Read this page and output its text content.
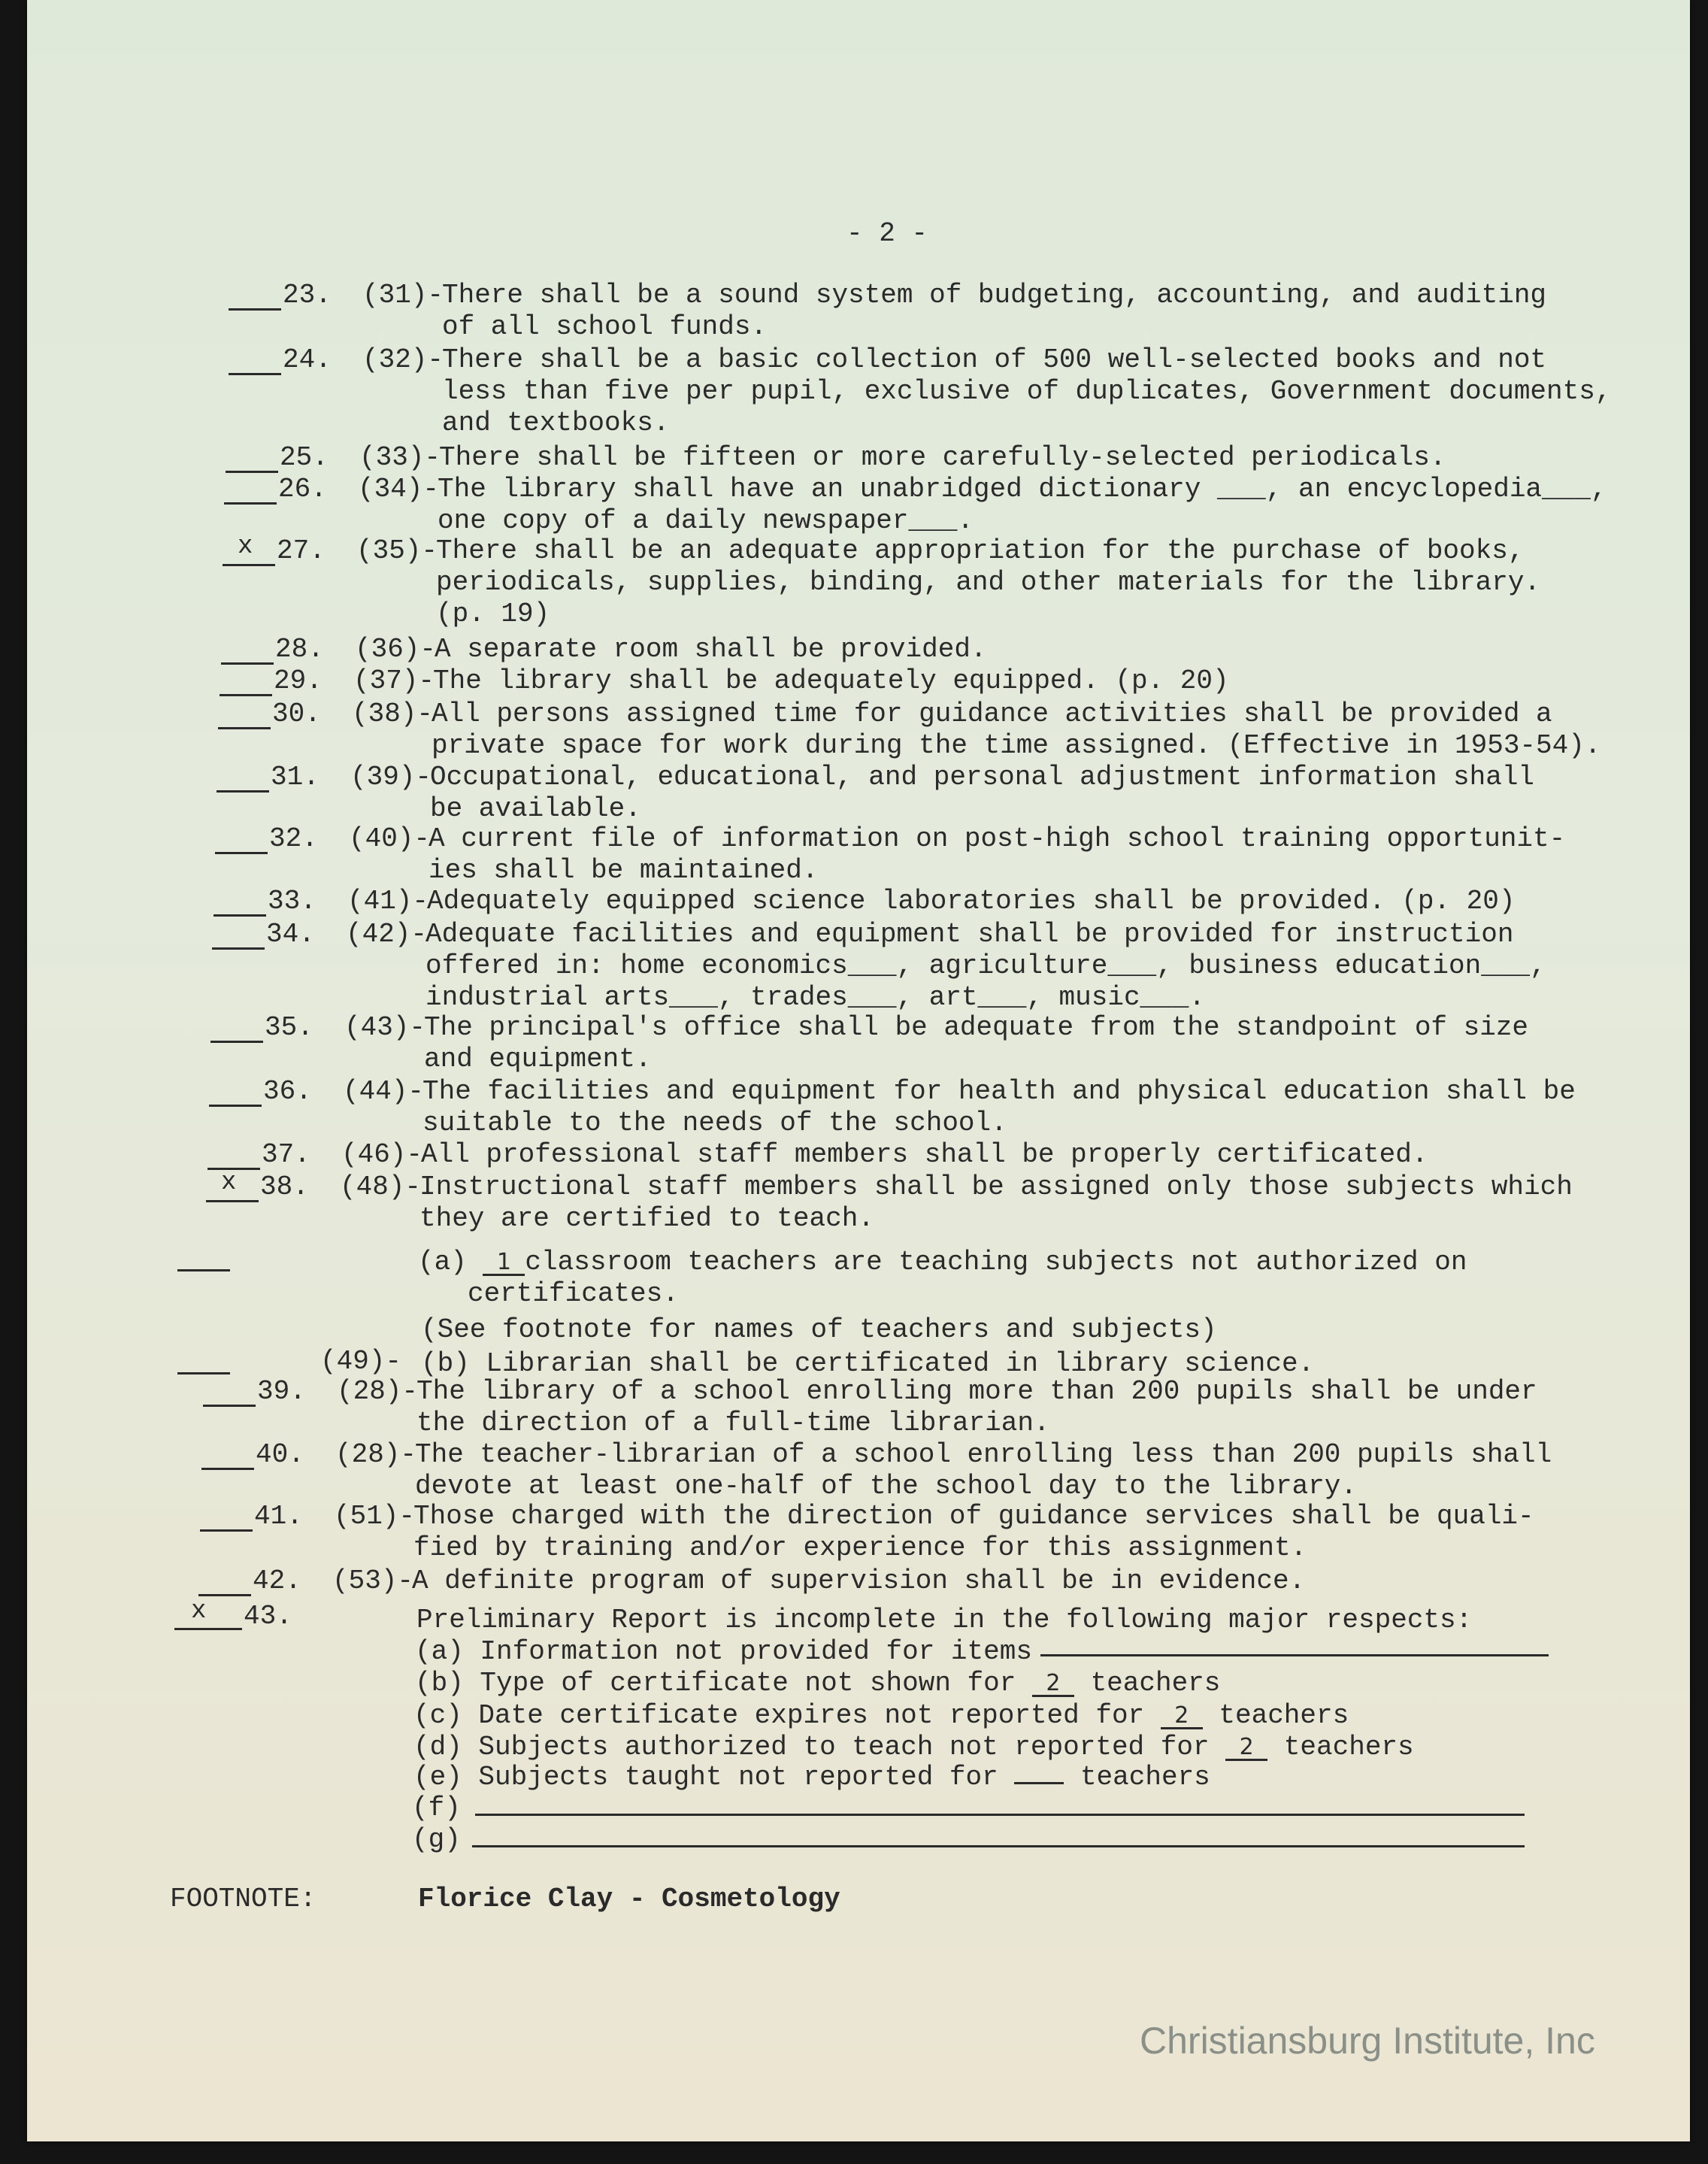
- 2 -
23. (31)-
There shall be a sound system of budgeting, accounting, and auditing
of all school funds.
24. (32)-
There shall be a basic collection of 500 well-selected books and not
less than five per pupil, exclusive of duplicates, Government documents,
and textbooks.
25. (33)-
There shall be fifteen or more carefully-selected periodicals.
26. (34)-
The library shall have an unabridged dictionary ___, an encyclopedia___,
one copy of a daily newspaper___.
x 27. (35)-
There shall be an adequate appropriation for the purchase of books,
periodicals, supplies, binding, and other materials for the library.
(p. 19)
28. (36)-
A separate room shall be provided.
29. (37)-
The library shall be adequately equipped. (p. 20)
30. (38)-
All persons assigned time for guidance activities shall be provided a
private space for work during the time assigned. (Effective in 1953-54).
31. (39)-
Occupational, educational, and personal adjustment information shall
be available.
32. (40)-
A current file of information on post-high school training opportunit-
ies shall be maintained.
33. (41)-
Adequately equipped science laboratories shall be provided. (p. 20)
34. (42)-
Adequate facilities and equipment shall be provided for instruction
offered in: home economics___, agriculture___, business education___,
industrial arts___, trades___, art___, music___.
35. (43)-
The principal's office shall be adequate from the standpoint of size
and equipment.
36. (44)-
The facilities and equipment for health and physical education shall be
suitable to the needs of the school.
37. (46)-
All professional staff members shall be properly certificated.
x 38. (48)-
Instructional staff members shall be assigned only those subjects which
they are certified to teach.
(a) 1 classroom teachers are teaching subjects not authorized on
certificates.
(See footnote for names of teachers and subjects)
(49)- (b) Librarian shall be certificated in library science.
39. (28)-
The library of a school enrolling more than 200 pupils shall be under
the direction of a full-time librarian.
40. (28)-
The teacher-librarian of a school enrolling less than 200 pupils shall
devote at least one-half of the school day to the library.
41. (51)-
Those charged with the direction of guidance services shall be quali-
fied by training and/or experience for this assignment.
42. (53)-
A definite program of supervision shall be in evidence.
x 43.	Preliminary Report is incomplete in the following major respects:
(a) Information not provided for items
(b) Type of certificate not shown for 2 teachers
(c) Date certificate expires not reported for 2 teachers
(d) Subjects authorized to teach not reported for 2 teachers
(e) Subjects taught not reported for	teachers
(f)
(g)
FOOTNOTE:	Florice Clay - Cosmetology
Christiansburg Institute, Inc
